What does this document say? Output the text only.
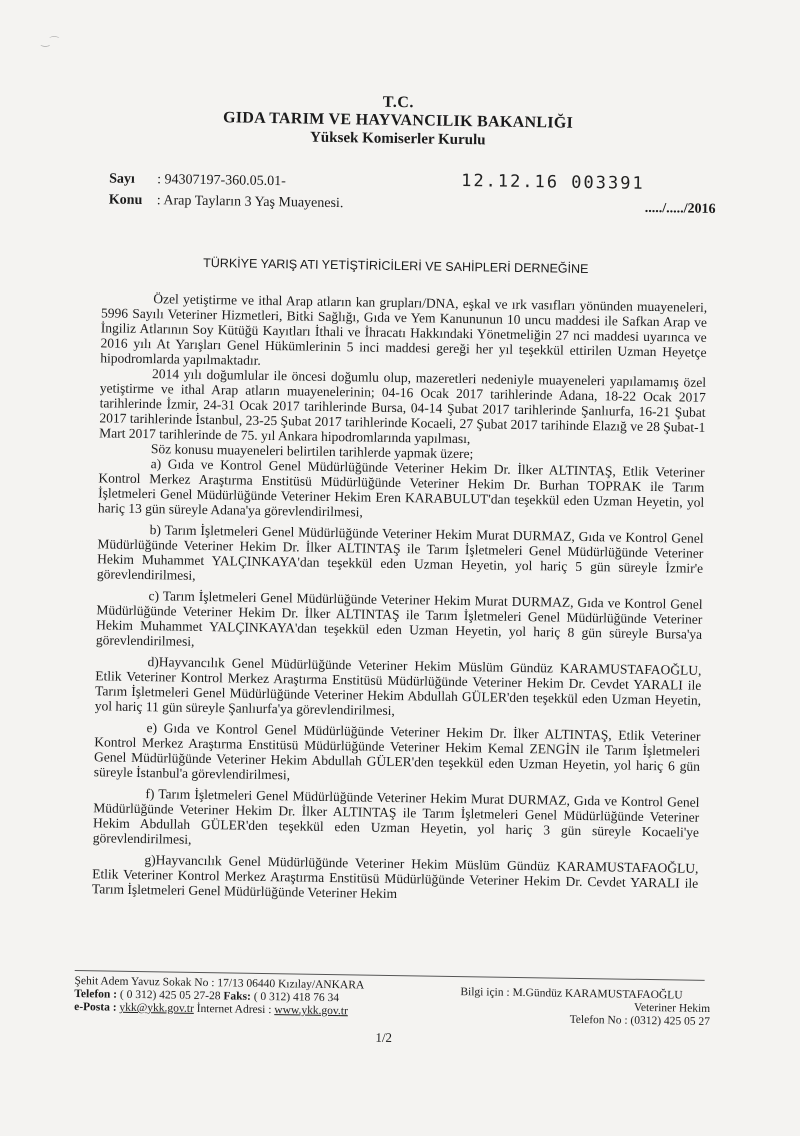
‿⌒
T.C.
GIDA TARIM VE HAYVANCILIK BAKANLIĞI
Yüksek Komiserler Kurulu
Sayı : 94307197-360.05.01-
Konu : Arap Tayların 3 Yaş Muayenesi.
12.12.16 003391
...../...../2016
TÜRKİYE YARIŞ ATI YETİŞTİRİCİLERİ VE SAHİPLERİ DERNEĞİNE

Özel yetiştirme ve ithal Arap atların kan grupları/DNA, eşkal ve ırk vasıfları yönünden muayeneleri, 5996 Sayılı Veteriner Hizmetleri, Bitki Sağlığı, Gıda ve Yem Kanununun 10 uncu maddesi ile Safkan Arap ve İngiliz Atlarının Soy Kütüğü Kayıtları İthali ve İhracatı Hakkındaki Yönetmeliğin 27 nci maddesi uyarınca ve 2016 yılı At Yarışları Genel Hükümlerinin 5 inci maddesi gereği her yıl teşekkül ettirilen Uzman Heyetçe hipodromlarda yapılmaktadır.

2014 yılı doğumlular ile öncesi doğumlu olup, mazeretleri nedeniyle muayeneleri yapılamamış özel yetiştirme ve ithal Arap atların muayenelerinin; 04-16 Ocak 2017 tarihlerinde Adana, 18-22 Ocak 2017 tarihlerinde İzmir, 24-31 Ocak 2017 tarihlerinde Bursa, 04-14 Şubat 2017 tarihlerinde Şanlıurfa, 16-21 Şubat 2017 tarihlerinde İstanbul, 23-25 Şubat 2017 tarihlerinde Kocaeli, 27 Şubat 2017 tarihinde Elazığ ve 28 Şubat-1 Mart 2017 tarihlerinde de 75. yıl Ankara hipodromlarında yapılması,

Söz konusu muayeneleri belirtilen tarihlerde yapmak üzere;

a) Gıda ve Kontrol Genel Müdürlüğünde Veteriner Hekim Dr. İlker ALTINTAŞ, Etlik Veteriner Kontrol Merkez Araştırma Enstitüsü Müdürlüğünde Veteriner Hekim Dr. Burhan TOPRAK ile Tarım İşletmeleri Genel Müdürlüğünde Veteriner Hekim Eren KARABULUT'dan teşekkül eden Uzman Heyetin, yol hariç 13 gün süreyle Adana'ya görevlendirilmesi,

b) Tarım İşletmeleri Genel Müdürlüğünde Veteriner Hekim Murat DURMAZ, Gıda ve Kontrol Genel Müdürlüğünde Veteriner Hekim Dr. İlker ALTINTAŞ ile Tarım İşletmeleri Genel Müdürlüğünde Veteriner Hekim Muhammet YALÇINKAYA'dan teşekkül eden Uzman Heyetin, yol hariç 5 gün süreyle İzmir'e görevlendirilmesi,

c) Tarım İşletmeleri Genel Müdürlüğünde Veteriner Hekim Murat DURMAZ, Gıda ve Kontrol Genel Müdürlüğünde Veteriner Hekim Dr. İlker ALTINTAŞ ile Tarım İşletmeleri Genel Müdürlüğünde Veteriner Hekim Muhammet YALÇINKAYA'dan teşekkül eden Uzman Heyetin, yol hariç 8 gün süreyle Bursa'ya görevlendirilmesi,

d)Hayvancılık Genel Müdürlüğünde Veteriner Hekim Müslüm Gündüz KARAMUSTAFAOĞLU, Etlik Veteriner Kontrol Merkez Araştırma Enstitüsü Müdürlüğünde Veteriner Hekim Dr. Cevdet YARALI ile Tarım İşletmeleri Genel Müdürlüğünde Veteriner Hekim Abdullah GÜLER'den teşekkül eden Uzman Heyetin, yol hariç 11 gün süreyle Şanlıurfa'ya görevlendirilmesi,

e) Gıda ve Kontrol Genel Müdürlüğünde Veteriner Hekim Dr. İlker ALTINTAŞ, Etlik Veteriner Kontrol Merkez Araştırma Enstitüsü Müdürlüğünde Veteriner Hekim Kemal ZENGİN ile Tarım İşletmeleri Genel Müdürlüğünde Veteriner Hekim Abdullah GÜLER'den teşekkül eden Uzman Heyetin, yol hariç 6 gün süreyle İstanbul'a görevlendirilmesi,

f) Tarım İşletmeleri Genel Müdürlüğünde Veteriner Hekim Murat DURMAZ, Gıda ve Kontrol Genel Müdürlüğünde Veteriner Hekim Dr. İlker ALTINTAŞ ile Tarım İşletmeleri Genel Müdürlüğünde Veteriner Hekim Abdullah GÜLER'den teşekkül eden Uzman Heyetin, yol hariç 3 gün süreyle Kocaeli'ye görevlendirilmesi,

g)Hayvancılık Genel Müdürlüğünde Veteriner Hekim Müslüm Gündüz KARAMUSTAFAOĞLU, Etlik Veteriner Kontrol Merkez Araştırma Enstitüsü Müdürlüğünde Veteriner Hekim Dr. Cevdet YARALI ile Tarım İşletmeleri Genel Müdürlüğünde Veteriner Hekim

Şehit Adem Yavuz Sokak No : 17/13 06440 Kızılay/ANKARA
Telefon : ( 0 312) 425 05 27-28 Faks: ( 0 312) 418 76 34
e-Posta : ykk@ykk.gov.tr İnternet Adresi : www.ykk.gov.tr
Bilgi için : M.Gündüz KARAMUSTAFAOĞLU
Veteriner Hekim
Telefon No : (0312) 425 05 27
1/2
